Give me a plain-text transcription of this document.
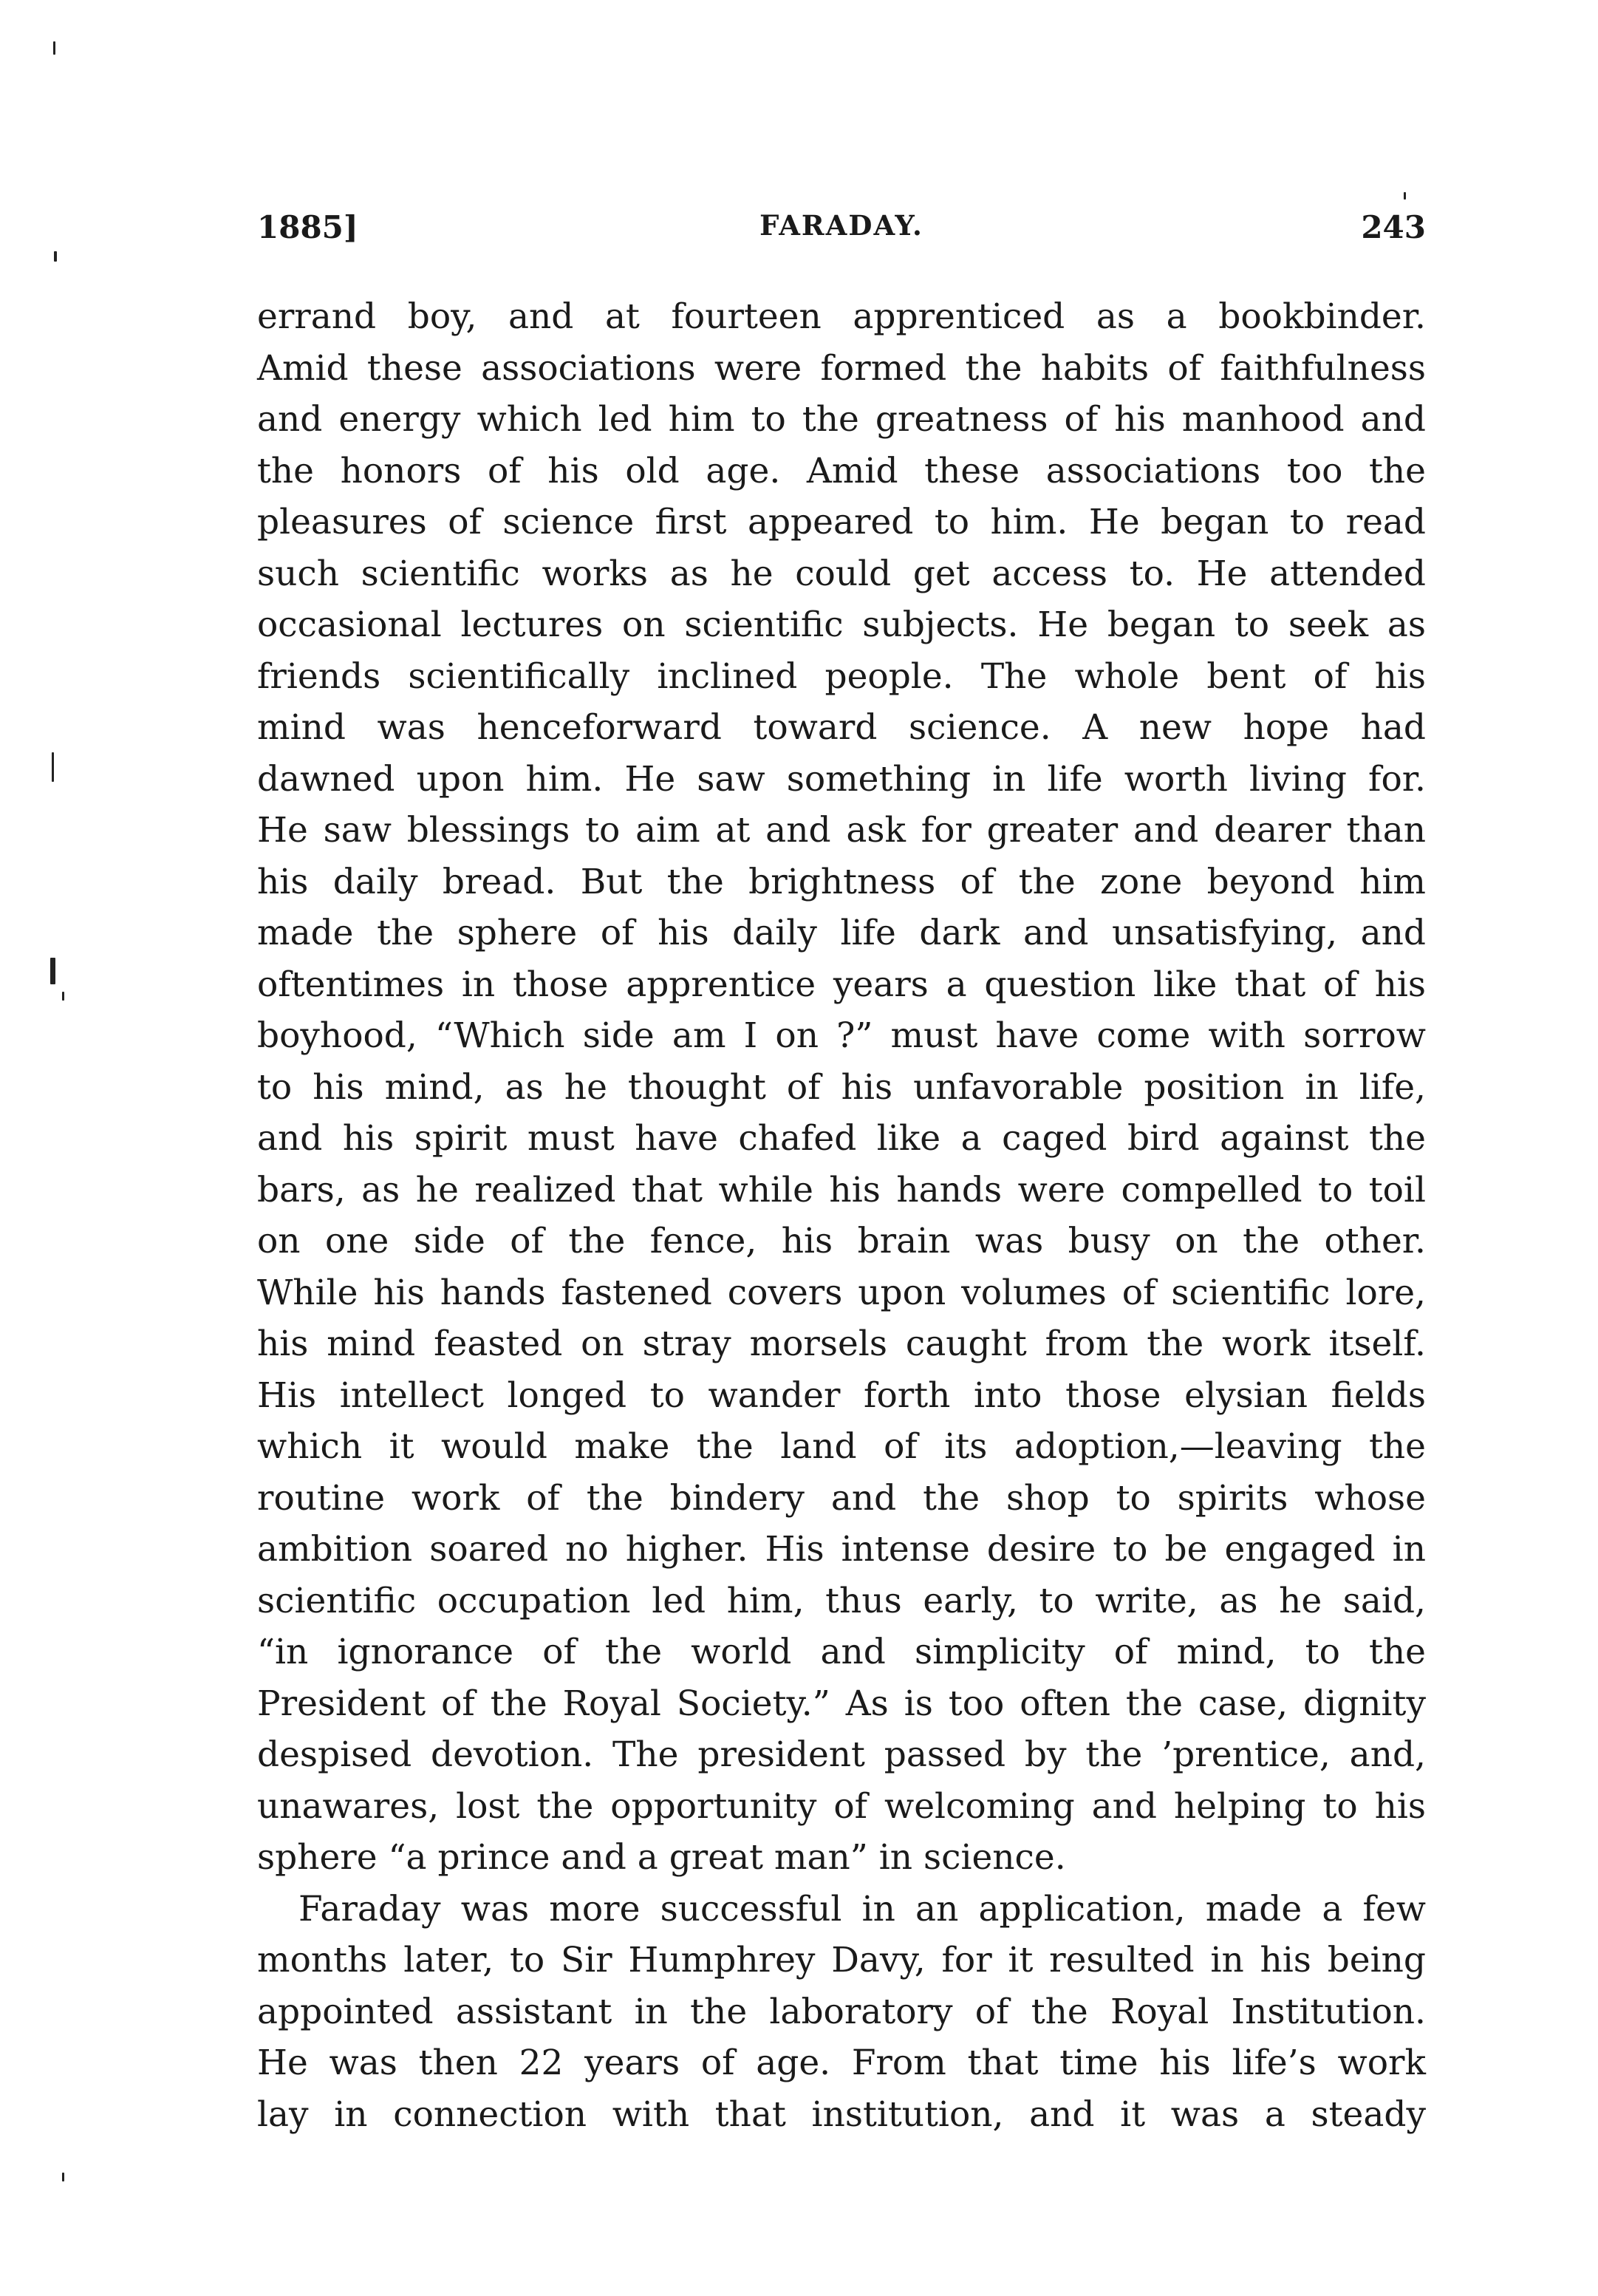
1885]	FARADAY.	243
errand boy, and at fourteen apprenticed as a bookbinder.
Amid these associations were formed the habits of faithfulness
and energy which led him to the greatness of his manhood and
the honors of his old age. Amid these associations too the
pleasures of science first appeared to him. He began to read
such scientific works as he could get access to. He attended
occasional lectures on scientific subjects. He began to seek as
friends scientifically inclined people. The whole bent of his
mind was henceforward toward science. A new hope had
dawned upon him. He saw something in life worth living for.
He saw blessings to aim at and ask for greater and dearer than
his daily bread. But the brightness of the zone beyond him
made the sphere of his daily life dark and unsatisfying, and
oftentimes in those apprentice years a question like that of his
boyhood, “Which side am I on ?” must have come with sorrow
to his mind, as he thought of his unfavorable position in life,
and his spirit must have chafed like a caged bird against the
bars, as he realized that while his hands were compelled to toil
on one side of the fence, his brain was busy on the other.
While his hands fastened covers upon volumes of scientific lore,
his mind feasted on stray morsels caught from the work itself.
His intellect longed to wander forth into those elysian fields
which it would make the land of its adoption,—leaving the
routine work of the bindery and the shop to spirits whose
ambition soared no higher. His intense desire to be engaged in
scientific occupation led him, thus early, to write, as he said,
“in ignorance of the world and simplicity of mind, to the
President of the Royal Society.” As is too often the case, dignity
despised devotion. The president passed by the ’prentice, and,
unawares, lost the opportunity of welcoming and helping to his
sphere “a prince and a great man” in science.
Faraday was more successful in an application, made a few
months later, to Sir Humphrey Davy, for it resulted in his being
appointed assistant in the laboratory of the Royal Institution.
He was then 22 years of age. From that time his life’s work
lay in connection with that institution, and it was a steady
